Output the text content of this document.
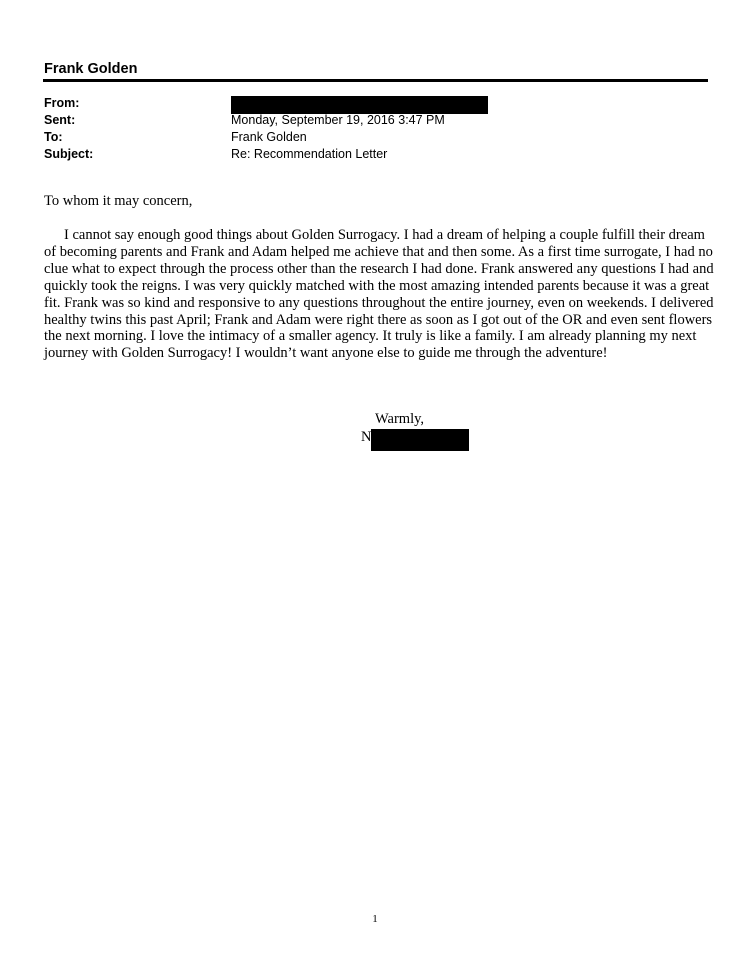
Frank Golden
From:
Sent:	Monday, September 19, 2016 3:47 PM
To:	Frank Golden
Subject:	Re: Recommendation Letter
To whom it may concern,
I cannot say enough good things about Golden Surrogacy. I had a dream of helping a couple fulfill their dream of becoming parents and Frank and Adam helped me achieve that and then some. As a first time surrogate, I had no clue what to expect through the process other than the research I had done. Frank answered any questions I had and quickly took the reigns. I was very quickly matched with the most amazing intended parents because it was a great fit. Frank was so kind and responsive to any questions throughout the entire journey, even on weekends. I delivered healthy twins this past April; Frank and Adam were right there as soon as I got out of the OR and even sent flowers the next morning. I love the intimacy of a smaller agency. It truly is like a family. I am already planning my next journey with Golden Surrogacy! I wouldn’t want anyone else to guide me through the adventure!
Warmly,
N
1
